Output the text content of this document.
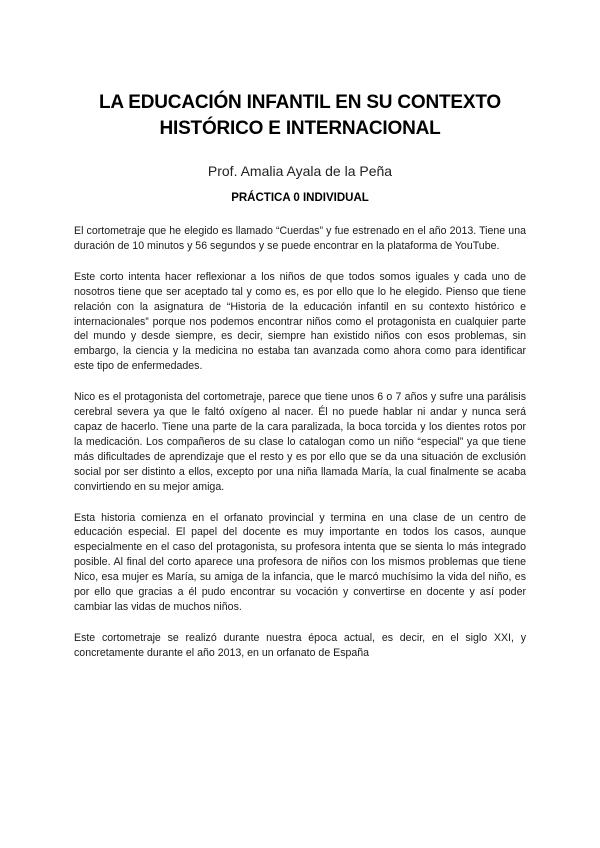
LA EDUCACIÓN INFANTIL EN SU CONTEXTO
HISTÓRICO E INTERNACIONAL

Prof. Amalia Ayala de la Peña

PRÁCTICA 0 INDIVIDUAL

El cortometraje que he elegido es llamado “Cuerdas” y fue estrenado en el año 2013. Tiene una duración de 10 minutos y 56 segundos y se puede encontrar en la plataforma de YouTube.

Este corto intenta hacer reflexionar a los niños de que todos somos iguales y cada uno de nosotros tiene que ser aceptado tal y como es, es por ello que lo he elegido. Pienso que tiene relación con la asignatura de “Historia de la educación infantil en su contexto histórico e internacionales” porque nos podemos encontrar niños como el protagonista en cualquier parte del mundo y desde siempre, es decir, siempre han existido niños con esos problemas, sin embargo, la ciencia y la medicina no estaba tan avanzada como ahora como para identificar este tipo de enfermedades.

Nico es el protagonista del cortometraje, parece que tiene unos 6 o 7 años y sufre una parálisis cerebral severa ya que le faltó oxígeno al nacer. Él no puede hablar ni andar y nunca será capaz de hacerlo. Tiene una parte de la cara paralizada, la boca torcida y los dientes rotos por la medicación. Los compañeros de su clase lo catalogan como un niño “especial” ya que tiene más dificultades de aprendizaje que el resto y es por ello que se da una situación de exclusión social por ser distinto a ellos, excepto por una niña llamada María, la cual finalmente se acaba convirtiendo en su mejor amiga.

Esta historia comienza en el orfanato provincial y termina en una clase de un centro de educación especial. El papel del docente es muy importante en todos los casos, aunque especialmente en el caso del protagonista, su profesora intenta que se sienta lo más integrado posible. Al final del corto aparece una profesora de niños con los mismos problemas que tiene Nico, esa mujer es María, su amiga de la infancia, que le marcó muchísimo la vida del niño, es por ello que gracias a él pudo encontrar su vocación y convertirse en docente y así poder cambiar las vidas de muchos niños.

Este cortometraje se realizó durante nuestra época actual, es decir, en el siglo XXI, y concretamente durante el año 2013, en un orfanato de España
